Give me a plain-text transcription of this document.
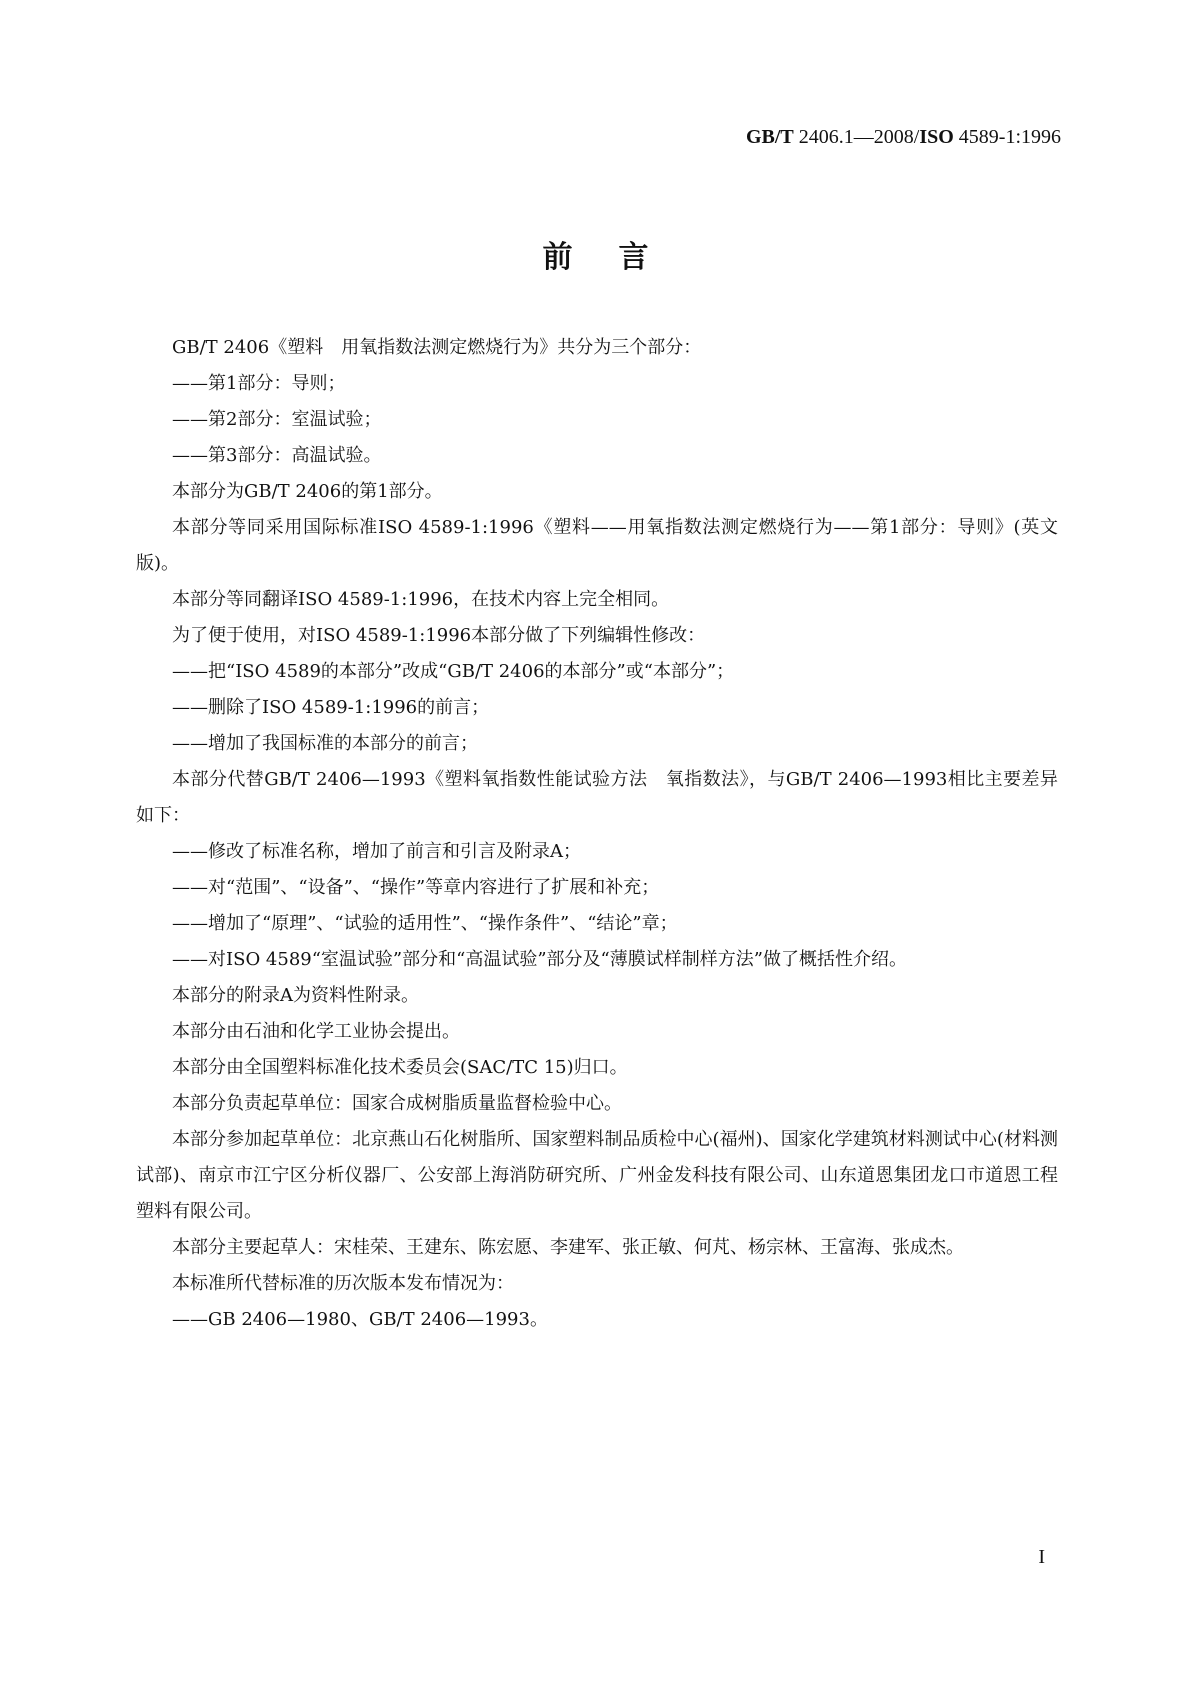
GB/T 2406.1—2008/ISO 4589-1:1996
前言

GB/T 2406《塑料　用氧指数法测定燃烧行为》共分为三个部分：

——第1部分：导则；

——第2部分：室温试验；

——第3部分：高温试验。

本部分为GB/T 2406的第1部分。

本部分等同采用国际标准ISO 4589-1:1996《塑料——用氧指数法测定燃烧行为——第1部分：导则》(英文版)。

本部分等同翻译ISO 4589-1:1996，在技术内容上完全相同。

为了便于使用，对ISO 4589-1:1996本部分做了下列编辑性修改：

——把“ISO 4589的本部分”改成“GB/T 2406的本部分”或“本部分”；

——删除了ISO 4589-1:1996的前言；

——增加了我国标准的本部分的前言；

本部分代替GB/T 2406—1993《塑料氧指数性能试验方法　氧指数法》，与GB/T 2406—1993相比主要差异如下：

——修改了标准名称，增加了前言和引言及附录A；

——对“范围”、“设备”、“操作”等章内容进行了扩展和补充；

——增加了“原理”、“试验的适用性”、“操作条件”、“结论”章；

——对ISO 4589“室温试验”部分和“高温试验”部分及“薄膜试样制样方法”做了概括性介绍。

本部分的附录A为资料性附录。

本部分由石油和化学工业协会提出。

本部分由全国塑料标准化技术委员会(SAC/TC 15)归口。

本部分负责起草单位：国家合成树脂质量监督检验中心。

本部分参加起草单位：北京燕山石化树脂所、国家塑料制品质检中心(福州)、国家化学建筑材料测试中心(材料测试部)、南京市江宁区分析仪器厂、公安部上海消防研究所、广州金发科技有限公司、山东道恩集团龙口市道恩工程塑料有限公司。

本部分主要起草人：宋桂荣、王建东、陈宏愿、李建军、张正敏、何芃、杨宗林、王富海、张成杰。

本标准所代替标准的历次版本发布情况为：

——GB 2406—1980、GB/T 2406—1993。

I
